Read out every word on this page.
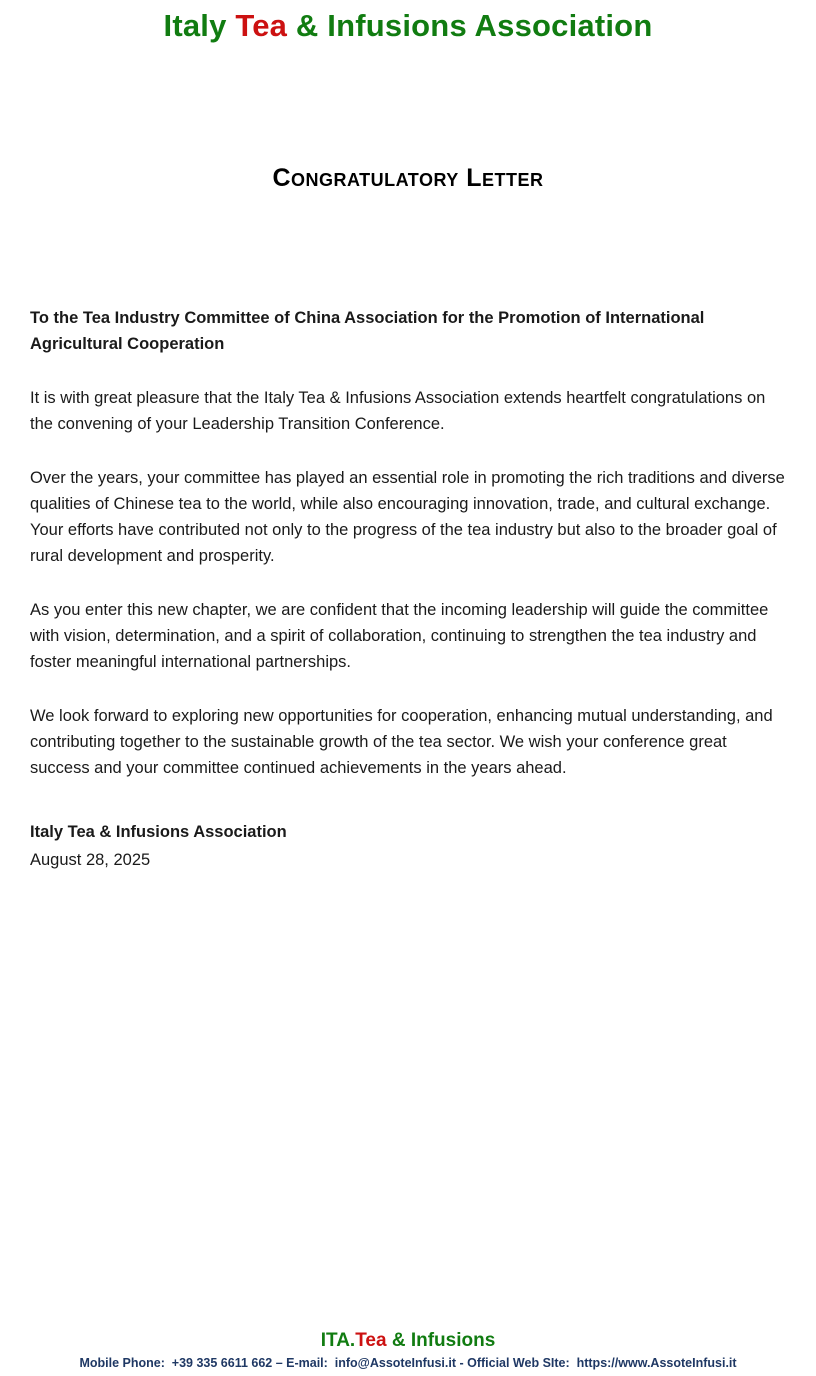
Italy Tea & Infusions Association
Congratulatory Letter

To the Tea Industry Committee of China Association for the Promotion of International Agricultural Cooperation

It is with great pleasure that the Italy Tea & Infusions Association extends heartfelt congratulations on the convening of your Leadership Transition Conference.

Over the years, your committee has played an essential role in promoting the rich traditions and diverse qualities of Chinese tea to the world, while also encouraging innovation, trade, and cultural exchange. Your efforts have contributed not only to the progress of the tea industry but also to the broader goal of rural development and prosperity.

As you enter this new chapter, we are confident that the incoming leadership will guide the committee with vision, determination, and a spirit of collaboration, continuing to strengthen the tea industry and foster meaningful international partnerships.

We look forward to exploring new opportunities for cooperation, enhancing mutual understanding, and contributing together to the sustainable growth of the tea sector. We wish your conference great success and your committee continued achievements in the years ahead.

Italy Tea & Infusions Association
August 28, 2025
ITA.Tea & Infusions
Mobile Phone:  +39 335 6611 662 – E-mail:  info@AssoteInfusi.it - Official Web SIte:  https://www.AssoteInfusi.it
